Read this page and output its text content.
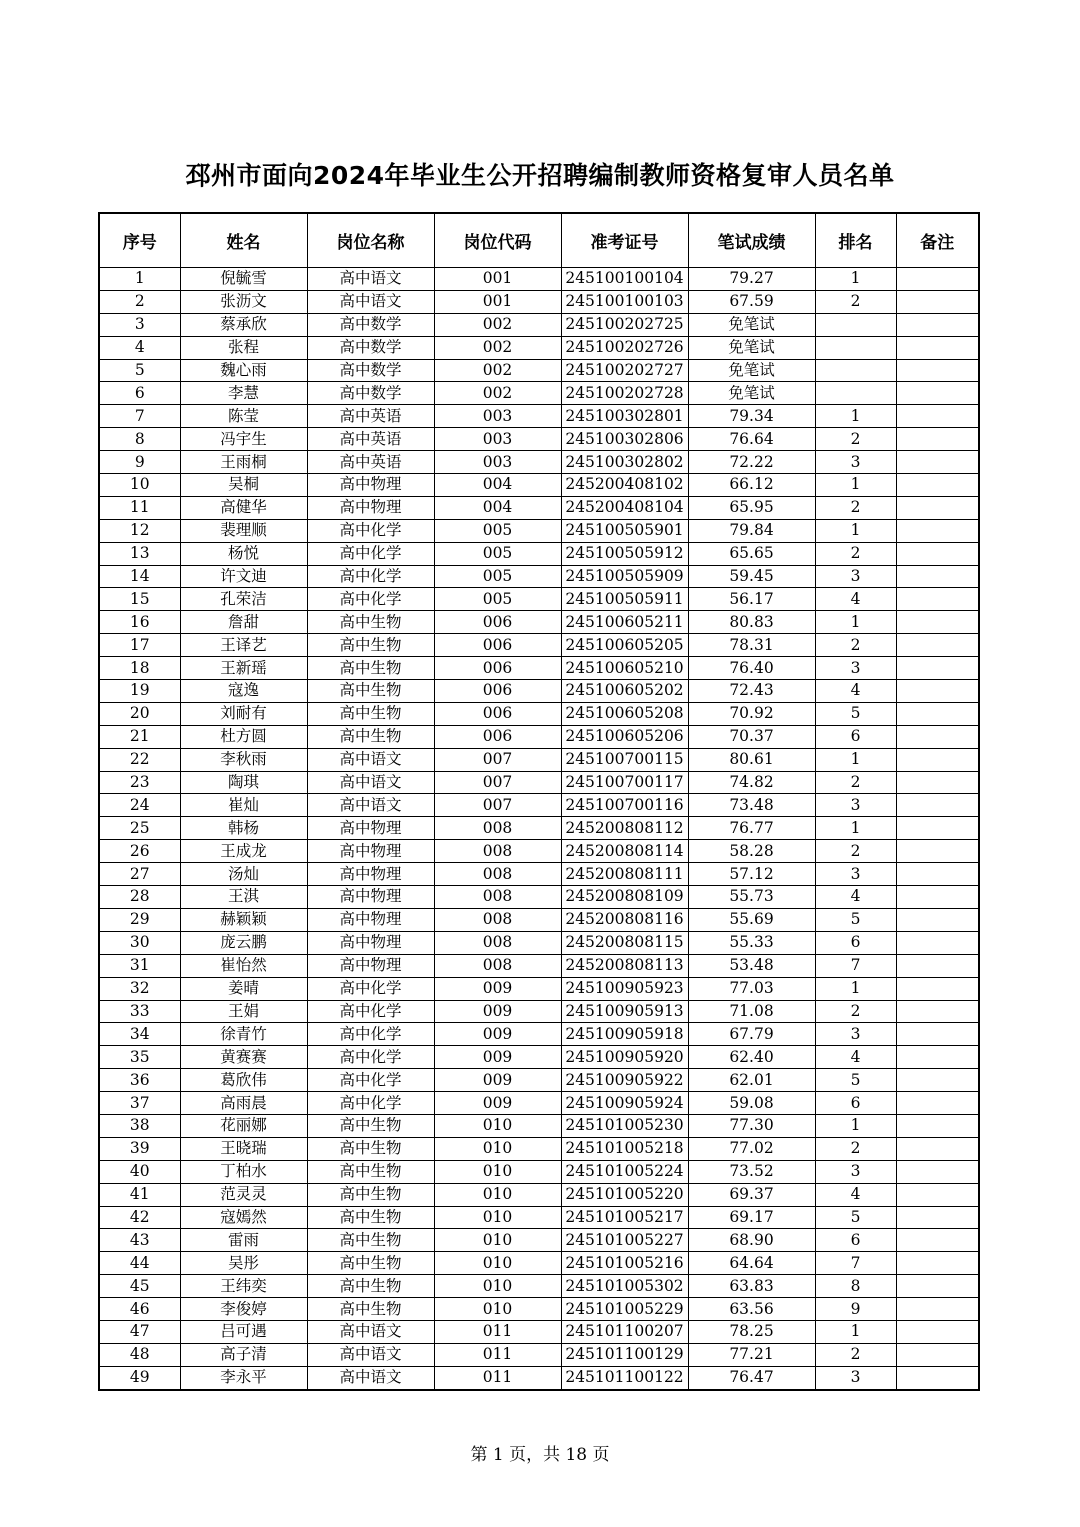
邳州市面向2024年毕业生公开招聘编制教师资格复审人员名单
序号	姓名	岗位名称	岗位代码	准考证号	笔试成绩	排名	备注
1	倪毓雪	高中语文	001	245100100104	79.27	1	
2	张沥文	高中语文	001	245100100103	67.59	2	
3	蔡承欣	高中数学	002	245100202725	免笔试		
4	张程	高中数学	002	245100202726	免笔试		
5	魏心雨	高中数学	002	245100202727	免笔试		
6	李慧	高中数学	002	245100202728	免笔试		
7	陈莹	高中英语	003	245100302801	79.34	1	
8	冯宇生	高中英语	003	245100302806	76.64	2	
9	王雨桐	高中英语	003	245100302802	72.22	3	
10	吴桐	高中物理	004	245200408102	66.12	1	
11	高健华	高中物理	004	245200408104	65.95	2	
12	裴理顺	高中化学	005	245100505901	79.84	1	
13	杨悦	高中化学	005	245100505912	65.65	2	
14	许文迪	高中化学	005	245100505909	59.45	3	
15	孔荣洁	高中化学	005	245100505911	56.17	4	
16	詹甜	高中生物	006	245100605211	80.83	1	
17	王译艺	高中生物	006	245100605205	78.31	2	
18	王新瑶	高中生物	006	245100605210	76.40	3	
19	寇逸	高中生物	006	245100605202	72.43	4	
20	刘耐有	高中生物	006	245100605208	70.92	5	
21	杜方圆	高中生物	006	245100605206	70.37	6	
22	李秋雨	高中语文	007	245100700115	80.61	1	
23	陶琪	高中语文	007	245100700117	74.82	2	
24	崔灿	高中语文	007	245100700116	73.48	3	
25	韩杨	高中物理	008	245200808112	76.77	1	
26	王成龙	高中物理	008	245200808114	58.28	2	
27	汤灿	高中物理	008	245200808111	57.12	3	
28	王淇	高中物理	008	245200808109	55.73	4	
29	赫颖颖	高中物理	008	245200808116	55.69	5	
30	庞云鹏	高中物理	008	245200808115	55.33	6	
31	崔怡然	高中物理	008	245200808113	53.48	7	
32	姜晴	高中化学	009	245100905923	77.03	1	
33	王娟	高中化学	009	245100905913	71.08	2	
34	徐青竹	高中化学	009	245100905918	67.79	3	
35	黄赛赛	高中化学	009	245100905920	62.40	4	
36	葛欣伟	高中化学	009	245100905922	62.01	5	
37	高雨晨	高中化学	009	245100905924	59.08	6	
38	花丽娜	高中生物	010	245101005230	77.30	1	
39	王晓瑞	高中生物	010	245101005218	77.02	2	
40	丁柏水	高中生物	010	245101005224	73.52	3	
41	范灵灵	高中生物	010	245101005220	69.37	4	
42	寇嫣然	高中生物	010	245101005217	69.17	5	
43	雷雨	高中生物	010	245101005227	68.90	6	
44	吴彤	高中生物	010	245101005216	64.64	7	
45	王纬奕	高中生物	010	245101005302	63.83	8	
46	李俊婷	高中生物	010	245101005229	63.56	9	
47	吕可遇	高中语文	011	245101100207	78.25	1	
48	高子清	高中语文	011	245101100129	77.21	2	
49	李永平	高中语文	011	245101100122	76.47	3	
第 1 页，共 18 页
